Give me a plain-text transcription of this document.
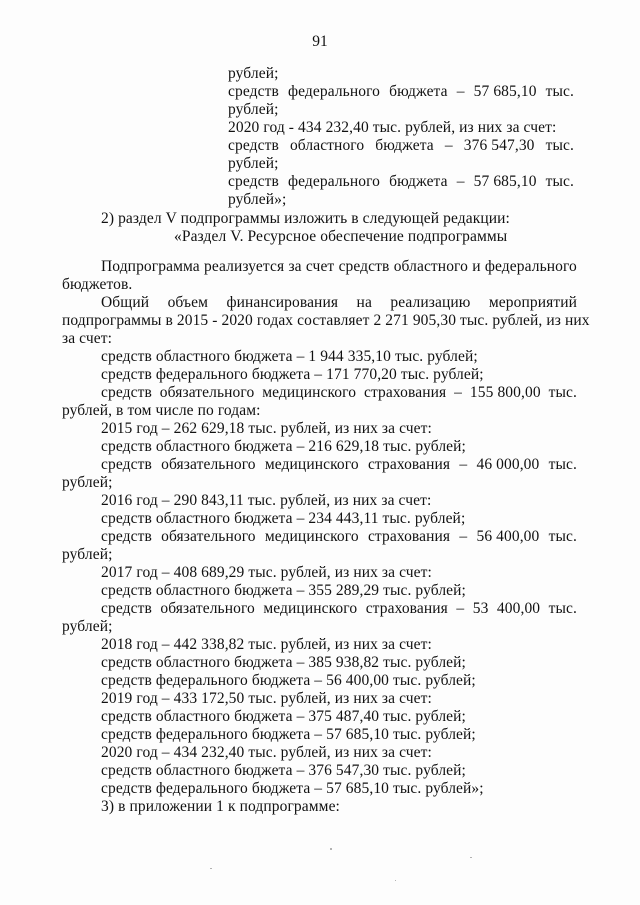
91
рублей;
средств федерального бюджета – 57 685,10 тыс.
рублей;
2020 год - 434 232,40 тыс. рублей, из них за счет:
средств областного бюджета – 376 547,30 тыс.
рублей;
средств федерального бюджета – 57 685,10 тыс.
рублей»;
2) раздел V подпрограммы изложить в следующей редакции:
«Раздел V. Ресурсное обеспечение подпрограммы
Подпрограмма реализуется за счет средств областного и федерального
бюджетов.
Общий объем финансирования на реализацию мероприятий
подпрограммы в 2015 - 2020 годах составляет 2 271 905,30 тыс. рублей, из них
за счет:
средств областного бюджета – 1 944 335,10 тыс. рублей;
средств федерального бюджета – 171 770,20 тыс. рублей;
средств обязательного медицинского страхования – 155 800,00 тыс.
рублей, в том числе по годам:
2015 год – 262 629,18 тыс. рублей, из них за счет:
средств областного бюджета – 216 629,18 тыс. рублей;
средств обязательного медицинского страхования – 46 000,00 тыс.
рублей;
2016 год – 290 843,11 тыс. рублей, из них за счет:
средств областного бюджета – 234 443,11 тыс. рублей;
средств обязательного медицинского страхования – 56 400,00 тыс.
рублей;
2017 год – 408 689,29 тыс. рублей, из них за счет:
средств областного бюджета – 355 289,29 тыс. рублей;
средств обязательного медицинского страхования – 53 400,00 тыс.
рублей;
2018 год – 442 338,82 тыс. рублей, из них за счет:
средств областного бюджета – 385 938,82 тыс. рублей;
средств федерального бюджета – 56 400,00 тыс. рублей;
2019 год – 433 172,50 тыс. рублей, из них за счет:
средств областного бюджета – 375 487,40 тыс. рублей;
средств федерального бюджета – 57 685,10 тыс. рублей;
2020 год – 434 232,40 тыс. рублей, из них за счет:
средств областного бюджета – 376 547,30 тыс. рублей;
средств федерального бюджета – 57 685,10 тыс. рублей»;
3) в приложении 1 к подпрограмме:
